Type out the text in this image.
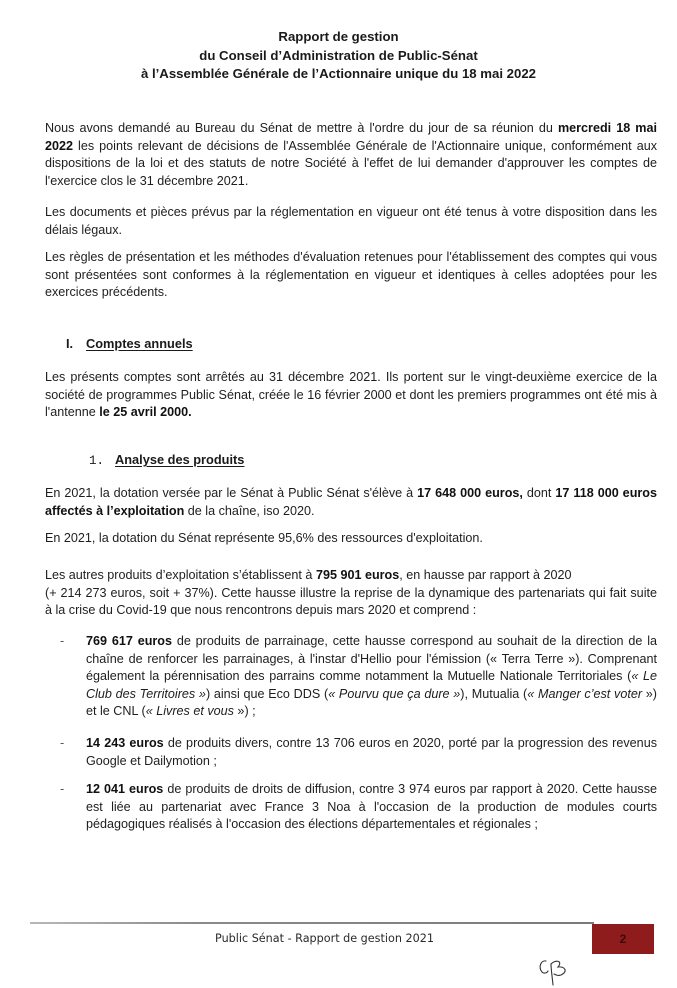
Rapport de gestion
du Conseil d’Administration de Public-Sénat
à l’Assemblée Générale de l’Actionnaire unique du 18 mai 2022
Nous avons demandé au Bureau du Sénat de mettre à l'ordre du jour de sa réunion du mercredi 18 mai 2022 les points relevant de décisions de l'Assemblée Générale de l'Actionnaire unique, conformément aux dispositions de la loi et des statuts de notre Société à l'effet de lui demander d'approuver les comptes de l'exercice clos le 31 décembre 2021.
Les documents et pièces prévus par la réglementation en vigueur ont été tenus à votre disposition dans les délais légaux.
Les règles de présentation et les méthodes d'évaluation retenues pour l'établissement des comptes qui vous sont présentées sont conformes à la réglementation en vigueur et identiques à celles adoptées pour les exercices précédents.
I. Comptes annuels
Les présents comptes sont arrêtés au 31 décembre 2021. Ils portent sur le vingt-deuxième exercice de la société de programmes Public Sénat, créée le 16 février 2000 et dont les premiers programmes ont été mis à l'antenne le 25 avril 2000.
1. Analyse des produits
En 2021, la dotation versée par le Sénat à Public Sénat s'élève à 17 648 000 euros, dont 17 118 000 euros affectés à l’exploitation de la chaîne, iso 2020.
En 2021, la dotation du Sénat représente 95,6% des ressources d'exploitation.
Les autres produits d’exploitation s’établissent à 795 901 euros, en hausse par rapport à 2020
(+ 214 273 euros, soit + 37%). Cette hausse illustre la reprise de la dynamique des partenariats qui fait suite à la crise du Covid-19 que nous rencontrons depuis mars 2020 et comprend :
- 769 617 euros de produits de parrainage, cette hausse correspond au souhait de la direction de la chaîne de renforcer les parrainages, à l'instar d'Hellio pour l'émission (« Terra Terre »). Comprenant également la pérennisation des parrains comme notamment la Mutuelle Nationale Territoriales (« Le Club des Territoires ») ainsi que Eco DDS (« Pourvu que ça dure »), Mutualia (« Manger c’est voter ») et le CNL (« Livres et vous ») ;
- 14 243 euros de produits divers, contre 13 706 euros en 2020, porté par la progression des revenus Google et Dailymotion ;
- 12 041 euros de produits de droits de diffusion, contre 3 974 euros par rapport à 2020. Cette hausse est liée au partenariat avec France 3 Noa à l'occasion de la production de modules courts pédagogiques réalisés à l'occasion des élections départementales et régionales ;
Public Sénat - Rapport de gestion 2021	2
